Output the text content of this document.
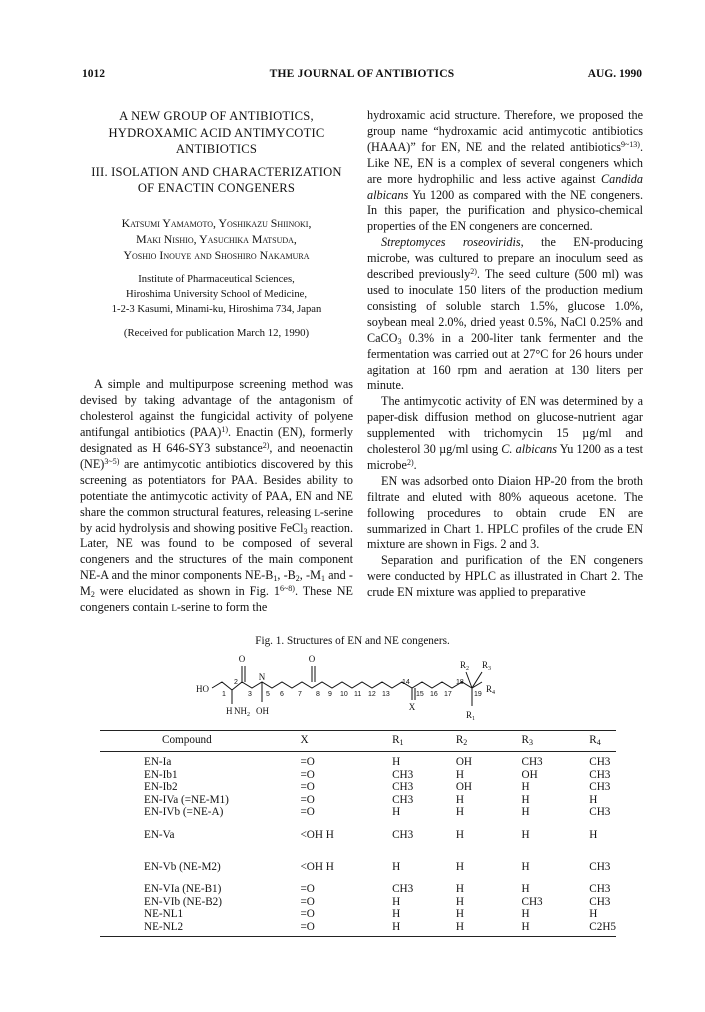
1012	THE JOURNAL OF ANTIBIOTICS	AUG. 1990

A NEW GROUP OF ANTIBIOTICS,

HYDROXAMIC ACID ANTIMYCOTIC

ANTIBIOTICS

III. ISOLATION AND CHARACTERIZATION

OF ENACTIN CONGENERS

Katsumi Yamamoto, Yoshikazu Shiinoki,

Maki Nishio, Yasuchika Matsuda,

Yoshio Inouye and Shoshiro Nakamura

Institute of Pharmaceutical Sciences,

Hiroshima University School of Medicine,

1-2-3 Kasumi, Minami-ku, Hiroshima 734, Japan

(Received for publication March 12, 1990)

A simple and multipurpose screening method was devised by taking advantage of the antagonism of cholesterol against the fungicidal activity of polyene antifungal antibiotics (PAA)$^{1)}$. Enactin (EN), formerly designated as H 646-SY3 substance$^{2)}$, and neoenactin (NE)$^{3\sim 5)}$ are antimycotic antibiotics discovered by this screening as potentiators for PAA. Besides ability to potentiate the antimycotic activity of PAA, EN and NE share the common structural features, releasing l-serine by acid hydrolysis and showing positive FeCl$_3$ reaction. Later, NE was found to be composed of several congeners and the structures of the main component NE-A and the minor components $NE-B_1$, $-B_2$, $-M_1$ and $-M_2$ were elucidated as shown in Fig. $1^{6\sim 8)}$. These NE congeners contain l-serine to form the

hydroxamic acid structure. Therefore, we proposed the group name “hydroxamic acid antimycotic antibiotics (HAAA)” for EN, NE and the related antibiotics$^{9\sim 13)}$. Like NE, EN is a complex of several congeners which are more hydrophilic and less active against Candida albicans Yu 1200 as compared with the NE congeners. In this paper, the purification and physico-chemical properties of the EN congeners are concerned.

Streptomyces roseoviridis, the EN-producing microbe, was cultured to prepare an inoculum seed as described previously$^{2)}$. The seed culture (500 ml) was used to inoculate 150 liters of the production medium consisting of soluble starch 1.5%, glucose 1.0%, soybean meal 2.0%, dried yeast 0.5%, NaCl 0.25% and CaCO$_3$ 0.3% in a 200-liter tank fermenter and the fermentation was carried out at 27°C for 26 hours under agitation at 160 rpm and aeration at 130 liters per minute.

The antimycotic activity of EN was determined by a paper-disk diffusion method on glucose-nutrient agar supplemented with trichomycin 15 µg/ml and cholesterol 30 µg/ml using C. albicans Yu 1200 as a test microbe$^{2)}$.

EN was adsorbed onto Diaion HP-20 from the broth filtrate and eluted with 80% aqueous acetone. The following procedures to obtain crude EN are summarized in Chart 1. HPLC profiles of the crude EN mixture are shown in Figs. 2 and 3.

Separation and purification of the EN congeners were conducted by HPLC as illustrated in Chart 2. The crude EN mixture was applied to preparative

Fig. 1. Structures of EN and NE congeners.
O	O
HO
H $NH_2$ OH
N
X
$R_2$ $R_3$
$R_4$
$R_1$
1
2
3 5 6 7 8 9 10 11 12 13
14
15 16 17
18
19
Compound	X	$R_1$	$R_2$	$R_3$	$R_4$
EN-Ia	=O	H	OH	CH3	CH3
EN-Ib1	=O	CH3	H	OH	CH3
EN-Ib2	=O	CH3	OH	H	CH3
EN-IVa (=NE-M1)	=O	CH3	H	H	H
EN-IVb (=NE-A)	=O	H	H	H	CH3
EN-Va	<OH H	CH3	H	H	H
EN-Vb (NE-M2)	<OH H	H	H	H	CH3
EN-VIa (NE-B1)	=O	CH3	H	H	CH3
EN-VIb (NE-B2)	=O	H	H	CH3	CH3
NE-NL1	=O	H	H	H	H
NE-NL2	=O	H	H	H	C2H5
